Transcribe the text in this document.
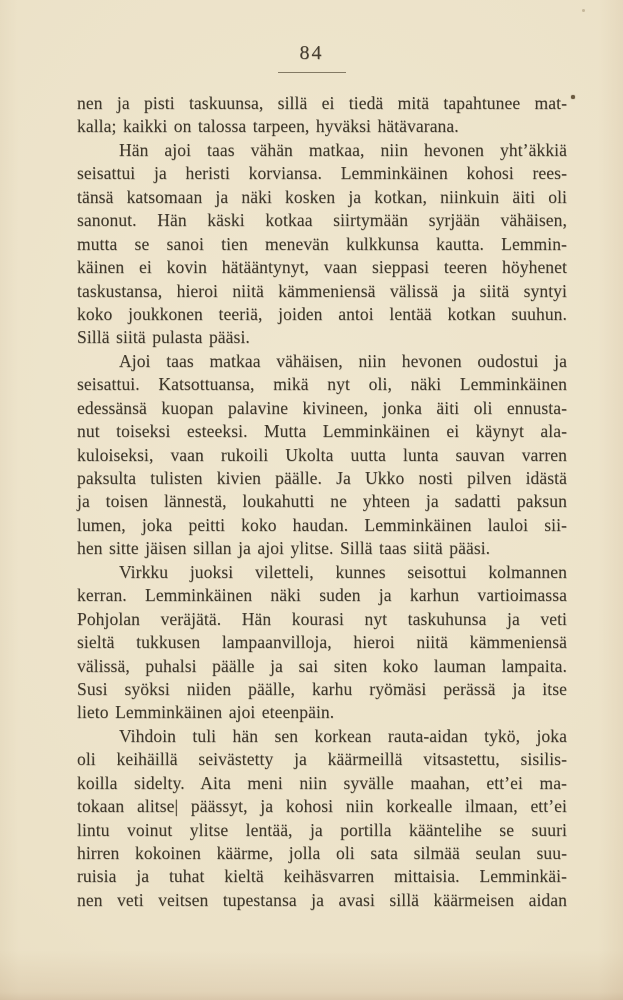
84
nen ja pisti taskuunsa, sillä ei tiedä mitä tapahtunee mat-
kalla; kaikki on talossa tarpeen, hyväksi hätävarana.
Hän ajoi taas vähän matkaa, niin hevonen yht’äkkiä
seisattui ja heristi korviansa. Lemminkäinen kohosi rees-
tänsä katsomaan ja näki kosken ja kotkan, niinkuin äiti oli
sanonut. Hän käski kotkaa siirtymään syrjään vähäisen,
mutta se sanoi tien menevän kulkkunsa kautta. Lemmin-
käinen ei kovin hätääntynyt, vaan sieppasi teeren höyhenet
taskustansa, hieroi niitä kämmeniensä välissä ja siitä syntyi
koko joukkonen teeriä, joiden antoi lentää kotkan suuhun.
Sillä siitä pulasta pääsi.
Ajoi taas matkaa vähäisen, niin hevonen oudostui ja
seisattui. Katsottuansa, mikä nyt oli, näki Lemminkäinen
edessänsä kuopan palavine kivineen, jonka äiti oli ennusta-
nut toiseksi esteeksi. Mutta Lemminkäinen ei käynyt ala-
kuloiseksi, vaan rukoili Ukolta uutta lunta sauvan varren
paksulta tulisten kivien päälle. Ja Ukko nosti pilven idästä
ja toisen lännestä, loukahutti ne yhteen ja sadatti paksun
lumen, joka peitti koko haudan. Lemminkäinen lauloi sii-
hen sitte jäisen sillan ja ajoi ylitse. Sillä taas siitä pääsi.
Virkku juoksi viletteli, kunnes seisottui kolmannen
kerran. Lemminkäinen näki suden ja karhun vartioimassa
Pohjolan veräjätä. Hän kourasi nyt taskuhunsa ja veti
sieltä tukkusen lampaanvilloja, hieroi niitä kämmeniensä
välissä, puhalsi päälle ja sai siten koko lauman lampaita.
Susi syöksi niiden päälle, karhu ryömäsi perässä ja itse
lieto Lemminkäinen ajoi eteenpäin.
Vihdoin tuli hän sen korkean rauta-aidan tykö, joka
oli keihäillä seivästetty ja käärmeillä vitsastettu, sisilis-
koilla sidelty. Aita meni niin syvälle maahan, ett’ei ma-
tokaan alitse| päässyt, ja kohosi niin korkealle ilmaan, ett’ei
lintu voinut ylitse lentää, ja portilla kääntelihe se suuri
hirren kokoinen käärme, jolla oli sata silmää seulan suu-
ruisia ja tuhat kieltä keihäsvarren mittaisia. Lemminkäi-
nen veti veitsen tupestansa ja avasi sillä käärmeisen aidan
